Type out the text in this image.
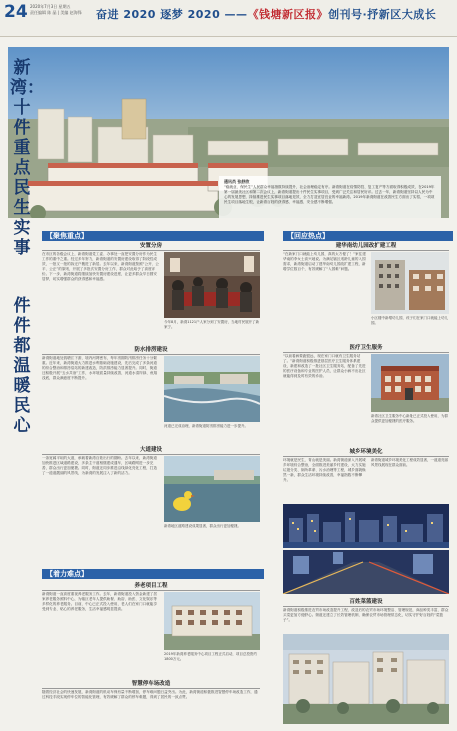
24 2020年7月3日 星期五
责任编辑 陈 晶 | 美编 赵海锋 奋进 2020 逐梦 2020 ——《钱塘新区报》创刊号·抒新区大成长
新湾：十件重点民生实事
通讯员 张舒欣
“稳就业、保民生”人民群众幸福指数持续提升，社会治理稳定有序。新湾街道在疫情防控、复工复产等方面取得积极成效，在2019年第一届最美社区和第二次会议上，新湾街道提出十件民生实事项目，受到广泛关注和居民好评。过去一年，新湾街道坚持以人民为中心的发展思想，持续推进民生实事项目落地见效，全力打造宜居宜业的幸福新湾。2019年新湾街道在改善民生方面出了实招，一项项民生项目落地生根，让新湾百姓的获得感、幸福感、安全感不断增强。
件件都温暖民心
【聚焦重点】
安置分房
在市区的各级会议上，新湾街道党工委、办事处一直把安置分房作为民生工作的重中之重。经过多年努力，新湾街道的安置房建设取得了阶段性成效，一批又一批的拆迁户搬进了新居。去年以来，新湾街道按照“公开、公平、公正”的原则，开展了多批次安置分房工作，群众对此给予了高度评价。下一步，新湾街道将继续加快安置房建设进度，让更多群众早日圆安居梦，切实增强群众的获得感和幸福感。
今年8月，新湾1121户人家分到了安置房，当地村民展开了新家宁。
防水排涝建设
新湾街道地处钱塘江下游，境内河网密布，每年汛期防汛排涝任务十分繁重。近年来，新湾街道大力推进水利基础设施建设，先后完成了多条河道的综合整治和排涝泵站的新建改造，防洪排涝能力显著提升。同时，街道还积极开展“五水共治”工作，水环境质量持续改善，河道水清岸绿、鱼翔浅底，群众满意度不断提升。
河道已完成治理，新湾街道防汛排涝能力进一步提升。
大道建设
一条宽阔平坦的大道，承载着新湾百姓出行的期盼。去年以来，新湾街道加快推进区域道路建设，多条主干道相继建成通车，区域路网进一步完善，群众出行更加便捷。同时，街道还同步推进沿线绿化亮化工程，打造了一道道靓丽的风景线，为新湾的发展注入了新的活力。
新湾地区道路建设成果显著，群众出行更加便捷。
【着力难点】
养老项目工程
新湾街道一直高度重视养老服务工作。去年，新湾街道投入资金新建了居家养老服务照料中心，为辖区老年人提供助餐、助浴、助医、文化娱乐等多样化的养老服务。目前，中心已正式投入使用，老人们在家门口就能享受到专业、贴心的养老服务，生活幸福感明显提高。
2019年新湾养老服务中心项目工程正式启动，项目总投资约1800万元。
智慧停车场改造
随着经济社会的快速发展，新湾街道的机动车保有量不断增加，停车难问题日益突出。为此，新湾街道积极推进智慧停车场改造工作，通过科技手段实现停车位的智能化管理，有效缓解了群众的停车难题，得到了居民的一致点赞。
【回应热点】
建华南幼儿园改扩建工程
“在新家门口就能上幼儿园，真的太方便了！”家住建华南的李女士高兴地说。为满足辖区适龄儿童的入园需求，新湾街道启动了建华南幼儿园改扩建工程，新增学位数百个，有效缓解了“入园难”问题。
小区楼中新增幼儿园，孩子们在家门口就能上幼儿园。
医疗卫生服务
“以前看病要跑很远，现在家门口就有卫生服务站了。”新湾街道积极推进基层医疗卫生服务体系建设，新建和改造了一批社区卫生服务站，配备了先进的医疗设备和专业的医护人员，让群众小病不出社区就能得到及时有效的诊治。
新湾社区卫生服务中心新址已正式投入使用，为群众提供更加便捷的医疗服务。
城乡环境美化
环境就是民生，青山就是美丽。新湾街道深入开展城乡环境综合整治，全面推进美丽乡村建设，大力实施垃圾分类、厕所革命、污水治理等工程，城乡面貌焕然一新，群众生活环境持续改善，幸福指数不断攀升。
新湾街道城乡环境美化工程成效显著，一道道亮丽风景线展现在群众面前。
百姓菜篮建设
新湾街道积极推进农贸市场改造提升工程，改造后的农贸市场环境整洁、管理规范，商品种类丰富，群众买菜更加方便舒心。街道还建立了长效管理机制，确保农贸市场管理常态化，切实守护好百姓的“菜篮子”。
